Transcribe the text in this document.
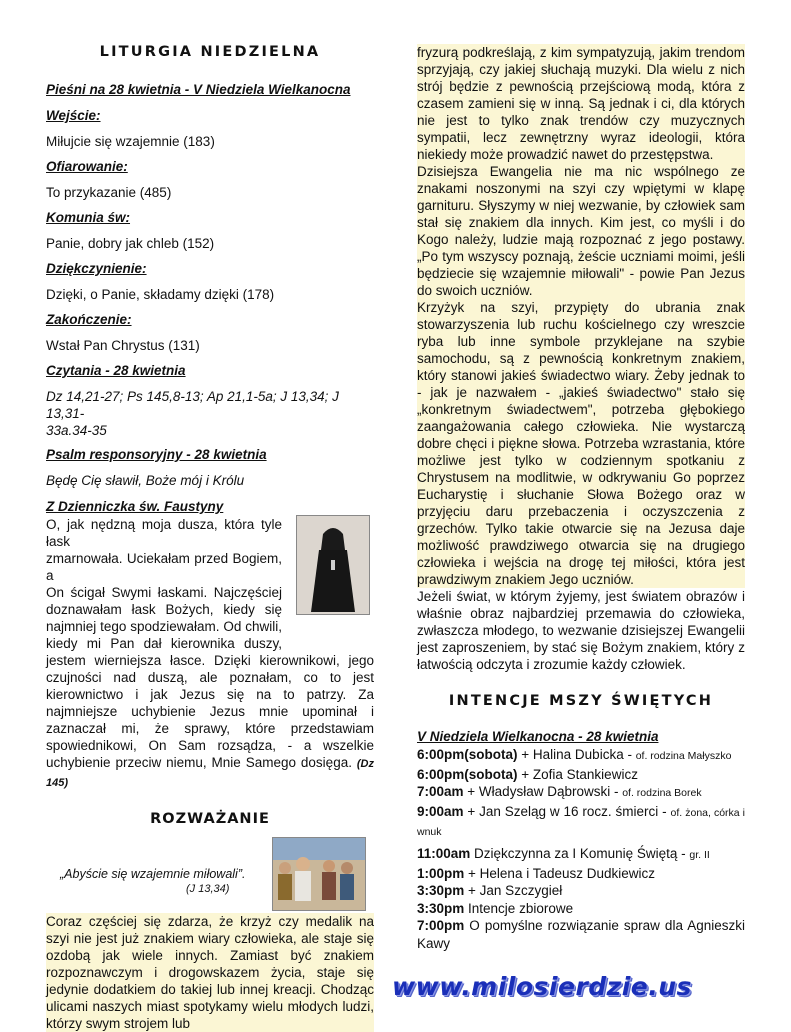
LITURGIA NIEDZIELNA

Pieśni na 28 kwietnia - V Niedziela Wielkanocna

Wejście:

Miłujcie się wzajemnie (183)

Ofiarowanie:

To przykazanie (485)

Komunia św:

Panie, dobry jak chleb (152)

Dziękczynienie:

Dzięki, o Panie, składamy dzięki (178)

Zakończenie:

Wstał Pan Chrystus (131)

Czytania - 28 kwietnia

Dz 14,21-27; Ps 145,8-13; Ap 21,1-5a; J 13,34; J 13,31-

33a.34-35

Psalm responsoryjny - 28 kwietnia

Będę Cię sławił, Boże mój i Królu

Z Dzienniczka św. Faustyny

O, jak nędzną moja dusza, która tyle łask

zmarnowała. Uciekałam przed Bogiem, a

On ścigał Swymi łaskami. Najczęściej

doznawałam łask Bożych, kiedy się

najmniej tego spodziewałam. Od chwili,

kiedy mi Pan dał kierownika duszy,

jestem wierniejsza łasce. Dzięki kierownikowi, jego czujności nad duszą, ale poznałam, co to jest kierownictwo i jak Jezus się na to patrzy. Za najmniejsze uchybienie Jezus mnie upominał i zaznaczał mi, że sprawy, które przedstawiam spowiednikowi, On Sam rozsądza, - a wszelkie uchybienie przeciw niemu, Mnie Samego dosięga. (Dz 145)

ROZWAŻANIE

„Abyście się wzajemnie miłowali”.

(J 13,34)

Coraz częściej się zdarza, że krzyż czy medalik na szyi nie jest już znakiem wiary człowieka, ale staje się ozdobą jak wiele innych. Zamiast być znakiem rozpoznawczym i drogowskazem życia, staje się jedynie dodatkiem do takiej lub innej kreacji. Chodząc ulicami naszych miast spotykamy wielu młodych ludzi, którzy swym strojem lub

fryzurą podkreślają, z kim sympatyzują, jakim trendom sprzyjają, czy jakiej słuchają muzyki. Dla wielu z nich strój będzie z pewnością przejściową modą, która z czasem zamieni się w inną. Są jednak i ci, dla których nie jest to tylko znak trendów czy muzycznych sympatii, lecz zewnętrzny wyraz ideologii, która niekiedy może prowadzić nawet do przestępstwa.

Dzisiejsza Ewangelia nie ma nic wspólnego ze znakami noszonymi na szyi czy wpiętymi w klapę garnituru. Słyszymy w niej wezwanie, by człowiek sam stał się znakiem dla innych. Kim jest, co myśli i do Kogo należy, ludzie mają rozpoznać z jego postawy. „Po tym wszyscy poznają, żeście uczniami moimi, jeśli będziecie się wzajemnie miłowali" - powie Pan Jezus do swoich uczniów.

Krzyżyk na szyi, przypięty do ubrania znak stowarzyszenia lub ruchu kościelnego czy wreszcie ryba lub inne symbole przyklejane na szybie samochodu, są z pewnością konkretnym znakiem, który stanowi jakieś świadectwo wiary. Żeby jednak to - jak je nazwałem - „jakieś świadectwo" stało się „konkretnym świadectwem", potrzeba głębokiego zaangażowania całego człowieka. Nie wystarczą dobre chęci i piękne słowa. Potrzeba wzrastania, które możliwe jest tylko w codziennym spotkaniu z Chrystusem na modlitwie, w odkrywaniu Go poprzez Eucharystię i słuchanie Słowa Bożego oraz w przyjęciu daru przebaczenia i oczyszczenia z grzechów. Tylko takie otwarcie się na Jezusa daje możliwość prawdziwego otwarcia się na drugiego człowieka i wejścia na drogę tej miłości, która jest prawdziwym znakiem Jego uczniów.

Jeżeli świat, w którym żyjemy, jest światem obrazów i właśnie obraz najbardziej przemawia do człowieka, zwłaszcza młodego, to wezwanie dzisiejszej Ewangelii jest zaproszeniem, by stać się Bożym znakiem, który z łatwością odczyta i zrozumie każdy człowiek.

INTENCJE MSZY ŚWIĘTYCH

V Niedziela Wielkanocna - 28 kwietnia

6:00pm(sobota) + Halina Dubicka - of. rodzina Małyszko

6:00pm(sobota) + Zofia Stankiewicz

7:00am + Władysław Dąbrowski - of. rodzina Borek

9:00am + Jan Szeląg w 16 rocz. śmierci - of. żona, córka i wnuk

11:00am Dziękczynna za I Komunię Świętą - gr. II

1:00pm + Helena i Tadeusz Dudkiewicz

3:30pm + Jan Szczygieł

3:30pm Intencje zbiorowe

7:00pm O pomyślne rozwiązanie spraw dla Agnieszki Kawy

www.milosierdzie.us
